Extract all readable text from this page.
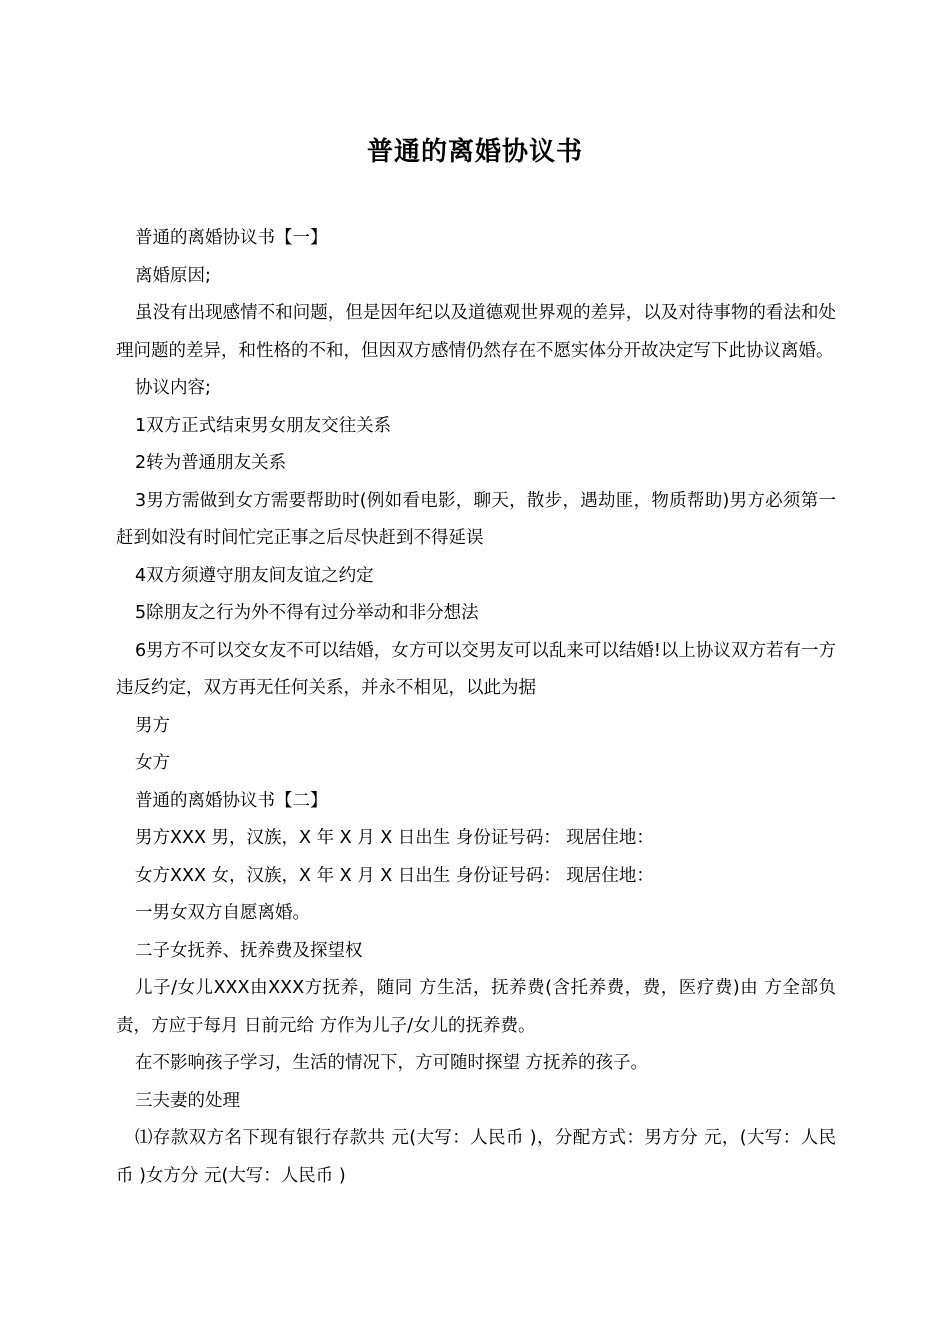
普通的离婚协议书

普通的离婚协议书【一】

离婚原因;

虽没有出现感情不和问题，但是因年纪以及道德观世界观的差异，以及对待事物的看法和处理问题的差异，和性格的不和，但因双方感情仍然存在不愿实体分开故决定写下此协议离婚。

协议内容;

1双方正式结束男女朋友交往关系

2转为普通朋友关系

3男方需做到女方需要帮助时(例如看电影，聊天，散步，遇劫匪，物质帮助)男方必须第一赶到如没有时间忙完正事之后尽快赶到不得延误

4双方须遵守朋友间友谊之约定

5除朋友之行为外不得有过分举动和非分想法

6男方不可以交女友不可以结婚，女方可以交男友可以乱来可以结婚!以上协议双方若有一方违反约定，双方再无任何关系，并永不相见，以此为据

男方

女方

普通的离婚协议书【二】

男方XXX 男，汉族，X 年 X 月 X 日出生 身份证号码： 现居住地：

女方XXX 女，汉族，X 年 X 月 X 日出生 身份证号码： 现居住地：

一男女双方自愿离婚。

二子女抚养、抚养费及探望权

儿子/女儿XXX由XXX方抚养，随同 方生活，抚养费(含托养费，费，医疗费)由 方全部负责，方应于每月 日前元给 方作为儿子/女儿的抚养费。

在不影响孩子学习，生活的情况下，方可随时探望 方抚养的孩子。

三夫妻的处理

⑴存款双方名下现有银行存款共 元(大写：人民币 )，分配方式：男方分 元，(大写：人民币 )女方分 元(大写：人民币 )
